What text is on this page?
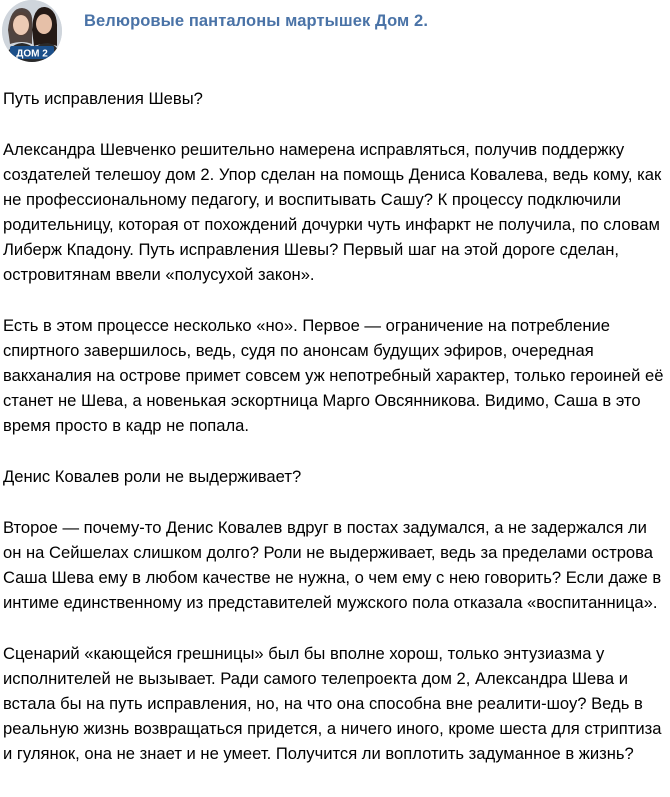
ДОМ 2
Велюровые панталоны мартышек Дом 2.

Путь исправления Шевы?

Александра Шевченко решительно намерена исправляться, получив поддержку создателей телешоу дом 2. Упор сделан на помощь Дениса Ковалева, ведь кому, как не профессиональному педагогу, и воспитывать Сашу? К процессу подключили родительницу, которая от похождений дочурки чуть инфаркт не получила, по словам Либерж Кпадону. Путь исправления Шевы? Первый шаг на этой дороге сделан, островитянам ввели «полусухой закон».

Есть в этом процессе несколько «но». Первое — ограничение на потребление спиртного завершилось, ведь, судя по анонсам будущих эфиров, очередная вакханалия на острове примет совсем уж непотребный характер, только героиней её станет не Шева, а новенькая эскортница Марго Овсянникова. Видимо, Саша в это время просто в кадр не попала.

Денис Ковалев роли не выдерживает?

Второе — почему-то Денис Ковалев вдруг в постах задумался, а не задержался ли он на Сейшелах слишком долго? Роли не выдерживает, ведь за пределами острова Саша Шева ему в любом качестве не нужна, о чем ему с нею говорить? Если даже в интиме единственному из представителей мужского пола отказала «воспитанница».

Сценарий «кающейся грешницы» был бы вполне хорош, только энтузиазма у исполнителей не вызывает. Ради самого телепроекта дом 2, Александра Шева и встала бы на путь исправления, но, на что она способна вне реалити-шоу? Ведь в реальную жизнь возвращаться придется, а ничего иного, кроме шеста для стриптиза и гулянок, она не знает и не умеет. Получится ли воплотить задуманное в жизнь?
